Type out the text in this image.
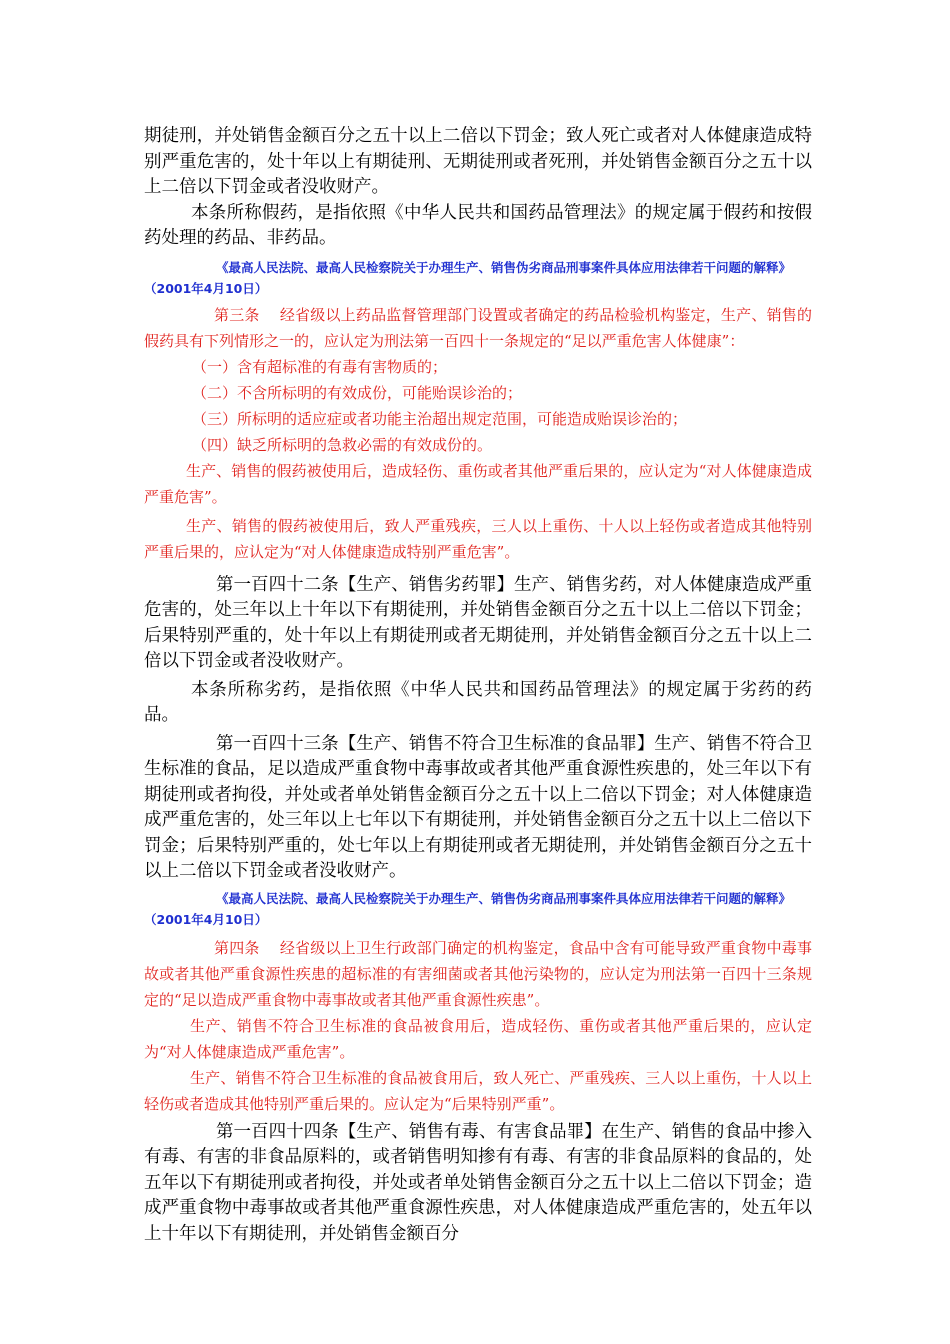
期徒刑，并处销售金额百分之五十以上二倍以下罚金；致人死亡或者对人体健康造成特别严重危害的，处十年以上有期徒刑、无期徒刑或者死刑，并处销售金额百分之五十以上二倍以下罚金或者没收财产。

本条所称假药，是指依照《中华人民共和国药品管理法》的规定属于假药和按假药处理的药品、非药品。

《最高人民法院、最高人民检察院关于办理生产、销售伪劣商品刑事案件具体应用法律若干问题的解释》（2001年4月10日）

第三条　 经省级以上药品监督管理部门设置或者确定的药品检验机构鉴定，生产、销售的假药具有下列情形之一的，应认定为刑法第一百四十一条规定的“足以严重危害人体健康”：

（一）含有超标准的有毒有害物质的；

（二）不含所标明的有效成份，可能贻误诊治的；

（三）所标明的适应症或者功能主治超出规定范围，可能造成贻误诊治的；

（四）缺乏所标明的急救必需的有效成份的。

生产、销售的假药被使用后，造成轻伤、重伤或者其他严重后果的，应认定为“对人体健康造成严重危害”。

生产、销售的假药被使用后，致人严重残疾，三人以上重伤、十人以上轻伤或者造成其他特别严重后果的，应认定为“对人体健康造成特别严重危害”。

第一百四十二条【生产、销售劣药罪】生产、销售劣药，对人体健康造成严重危害的，处三年以上十年以下有期徒刑，并处销售金额百分之五十以上二倍以下罚金；后果特别严重的，处十年以上有期徒刑或者无期徒刑，并处销售金额百分之五十以上二倍以下罚金或者没收财产。

本条所称劣药，是指依照《中华人民共和国药品管理法》的规定属于劣药的药品。

第一百四十三条【生产、销售不符合卫生标准的食品罪】生产、销售不符合卫生标准的食品，足以造成严重食物中毒事故或者其他严重食源性疾患的，处三年以下有期徒刑或者拘役，并处或者单处销售金额百分之五十以上二倍以下罚金；对人体健康造成严重危害的，处三年以上七年以下有期徒刑，并处销售金额百分之五十以上二倍以下罚金；后果特别严重的，处七年以上有期徒刑或者无期徒刑，并处销售金额百分之五十以上二倍以下罚金或者没收财产。

《最高人民法院、最高人民检察院关于办理生产、销售伪劣商品刑事案件具体应用法律若干问题的解释》（2001年4月10日）

第四条　 经省级以上卫生行政部门确定的机构鉴定，食品中含有可能导致严重食物中毒事故或者其他严重食源性疾患的超标准的有害细菌或者其他污染物的，应认定为刑法第一百四十三条规定的“足以造成严重食物中毒事故或者其他严重食源性疾患”。

生产、销售不符合卫生标准的食品被食用后，造成轻伤、重伤或者其他严重后果的，应认定为“对人体健康造成严重危害”。

生产、销售不符合卫生标准的食品被食用后，致人死亡、严重残疾、三人以上重伤，十人以上轻伤或者造成其他特别严重后果的。应认定为“后果特别严重”。

第一百四十四条【生产、销售有毒、有害食品罪】在生产、销售的食品中掺入有毒、有害的非食品原料的，或者销售明知掺有有毒、有害的非食品原料的食品的，处五年以下有期徒刑或者拘役，并处或者单处销售金额百分之五十以上二倍以下罚金；造成严重食物中毒事故或者其他严重食源性疾患，对人体健康造成严重危害的，处五年以上十年以下有期徒刑，并处销售金额百分
